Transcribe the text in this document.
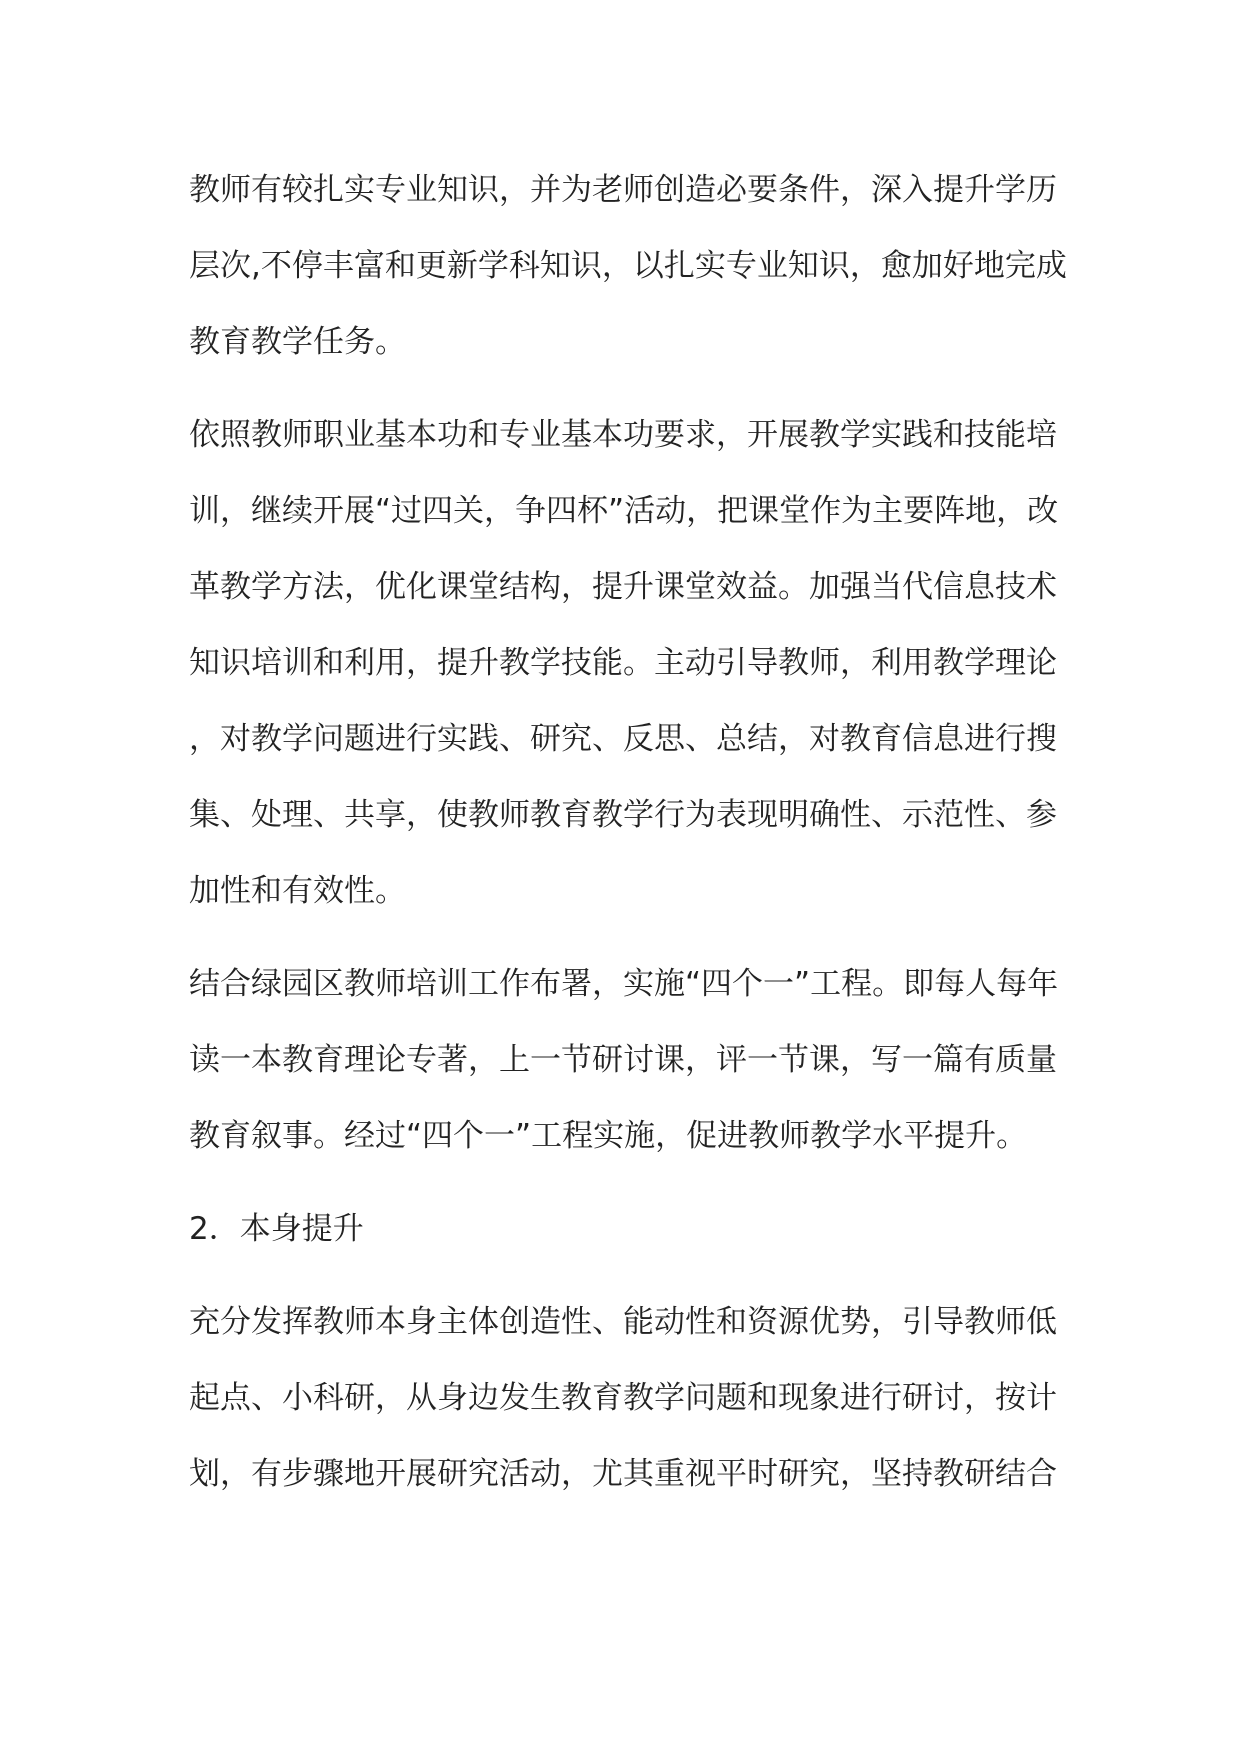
教师有较扎实专业知识，并为老师创造必要条件，深入提升学历
层次,不停丰富和更新学科知识，以扎实专业知识，愈加好地完成
教育教学任务。
依照教师职业基本功和专业基本功要求，开展教学实践和技能培
训，继续开展“过四关，争四杯”活动，把课堂作为主要阵地，改
革教学方法，优化课堂结构，提升课堂效益。加强当代信息技术
知识培训和利用，提升教学技能。主动引导教师，利用教学理论
，对教学问题进行实践、研究、反思、总结，对教育信息进行搜
集、处理、共享，使教师教育教学行为表现明确性、示范性、参
加性和有效性。
结合绿园区教师培训工作布署，实施“四个一”工程。即每人每年
读一本教育理论专著，上一节研讨课，评一节课，写一篇有质量
教育叙事。经过“四个一”工程实施，促进教师教学水平提升。
2．本身提升
充分发挥教师本身主体创造性、能动性和资源优势，引导教师低
起点、小科研，从身边发生教育教学问题和现象进行研讨，按计
划，有步骤地开展研究活动，尤其重视平时研究，坚持教研结合
